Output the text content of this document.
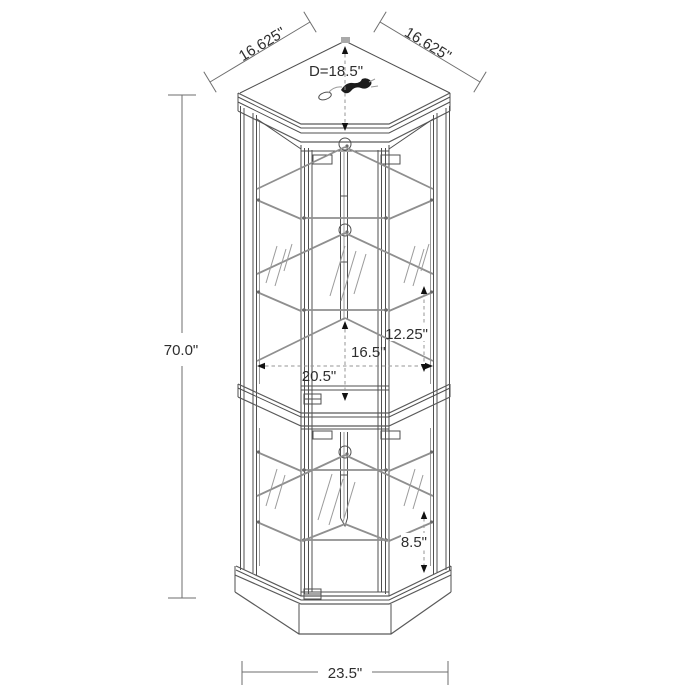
70.0"
16.625"	16.625"
D=18.5"
16.5"
20.5"
12.25"
8.5"
23.5"
